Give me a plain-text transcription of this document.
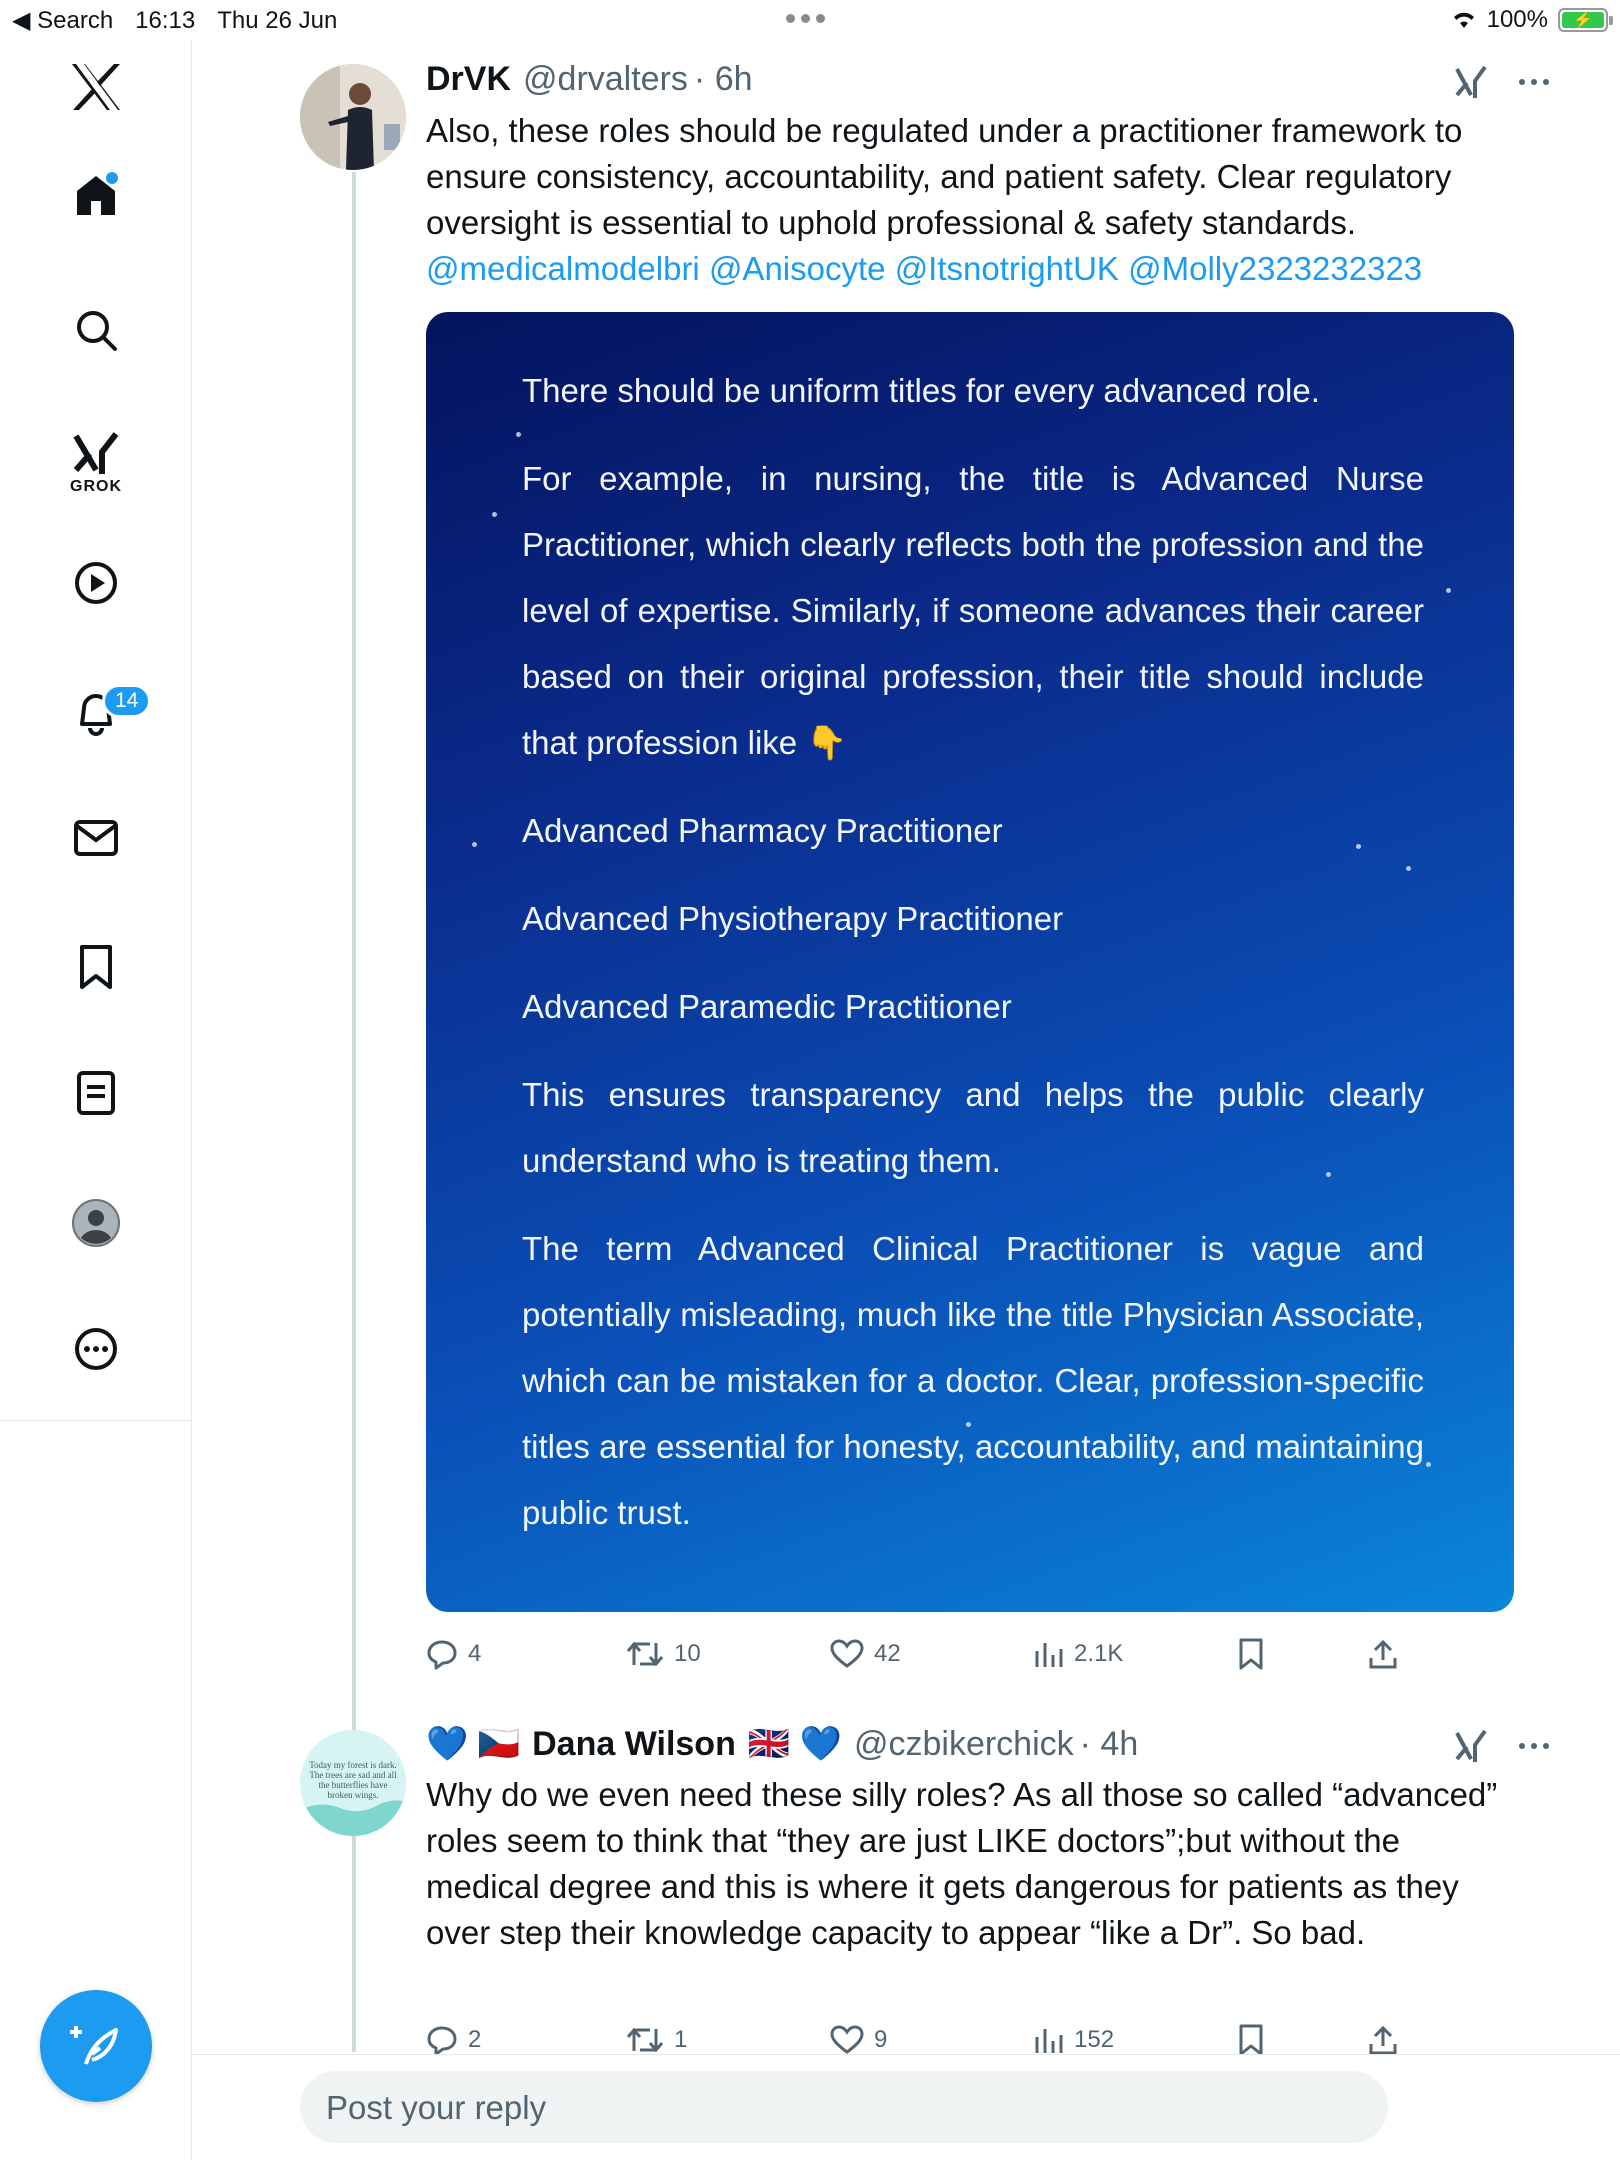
◀ Search 16:13 Thu 26 Jun	100%	⚡
GROK
14
DrVK @drvalters · 6h
Also, these roles should be regulated under a practitioner framework to ensure consistency, accountability, and patient safety. Clear regulatory oversight is essential to uphold professional & safety standards.
@medicalmodelbri @Anisocyte @ItsnotrightUK @Molly2323232323

There should be uniform titles for every advanced role.

For example, in nursing, the title is Advanced Nurse Practitioner, which clearly reflects both the profession and the level of expertise. Similarly, if someone advances their career based on their original profession, their title should include that profession like 👇

Advanced Pharmacy Practitioner

Advanced Physiotherapy Practitioner

Advanced Paramedic Practitioner

This ensures transparency and helps the public clearly understand who is treating them.

The term Advanced Clinical Practitioner is vague and potentially misleading, much like the title Physician Associate, which can be mistaken for a doctor. Clear, profession-specific titles are essential for honesty, accountability, and maintaining public trust.

4	10	42	2.1K
Today my forest is dark.
The trees are sad and all
the butterflies have
broken wings.
💙 🇨🇿 Dana Wilson 🇬🇧 💙 @czbikerchick · 4h
Why do we even need these silly roles? As all those so called “advanced” roles seem to think that “they are just LIKE doctors”;but without the medical degree and this is where it gets dangerous for patients as they over step their knowledge capacity to appear “like a Dr”. So bad.
2	1	9	152
Post your reply
